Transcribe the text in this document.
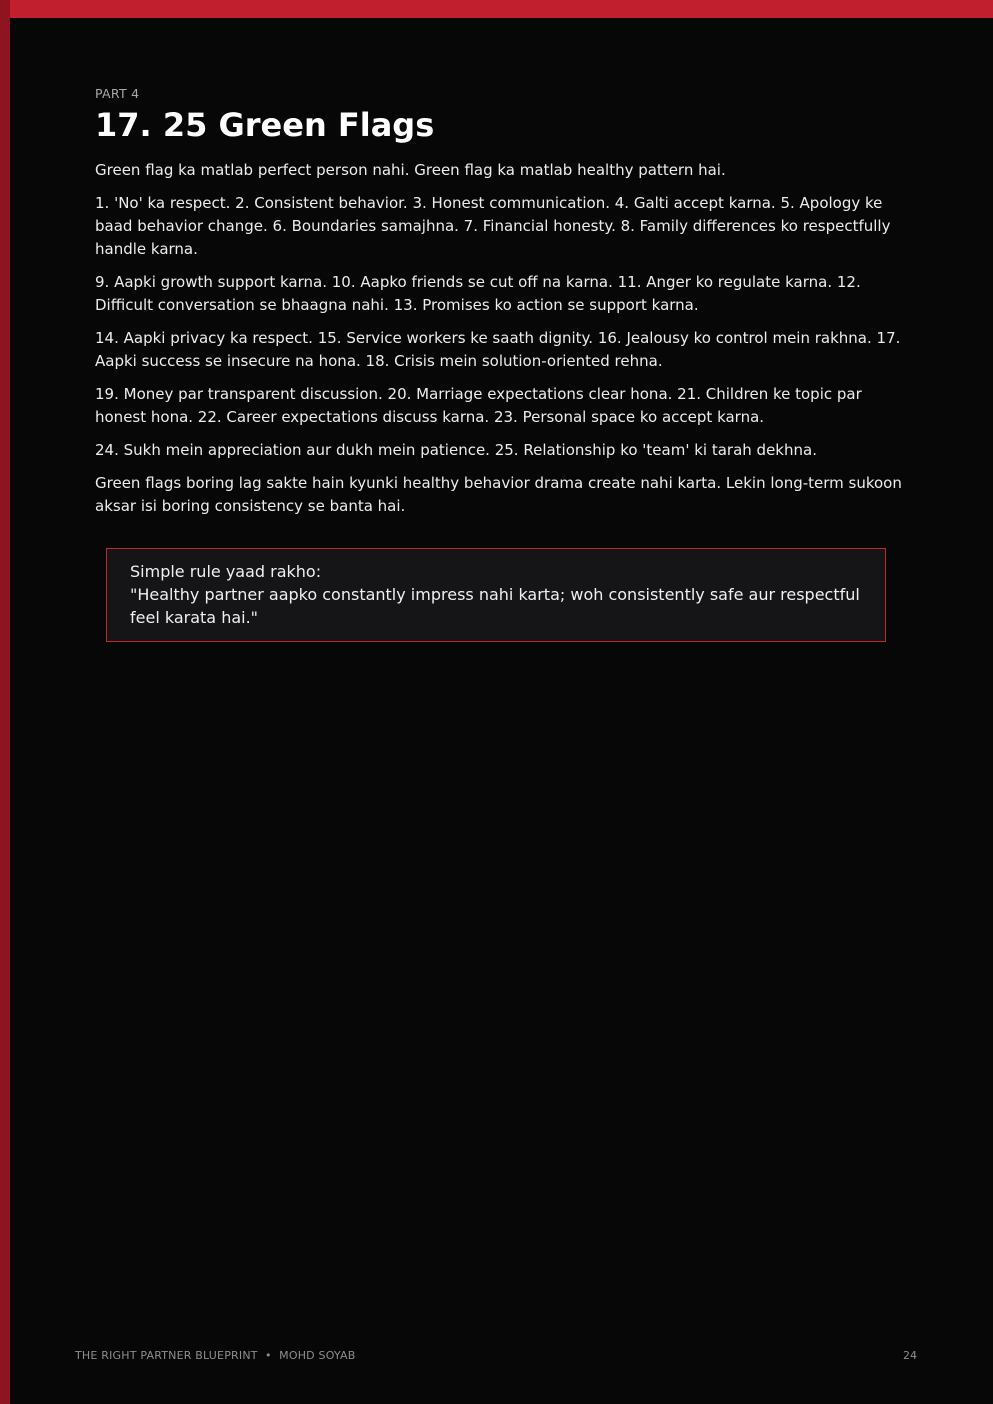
PART 4

17. 25 Green Flags

Green flag ka matlab perfect person nahi. Green flag ka matlab healthy pattern hai.

1. 'No' ka respect. 2. Consistent behavior. 3. Honest communication. 4. Galti accept karna. 5. Apology ke baad behavior change. 6. Boundaries samajhna. 7. Financial honesty. 8. Family differences ko respectfully handle karna.

9. Aapki growth support karna. 10. Aapko friends se cut off na karna. 11. Anger ko regulate karna. 12. Difficult conversation se bhaagna nahi. 13. Promises ko action se support karna.

14. Aapki privacy ka respect. 15. Service workers ke saath dignity. 16. Jealousy ko control mein rakhna. 17. Aapki success se insecure na hona. 18. Crisis mein solution-oriented rehna.

19. Money par transparent discussion. 20. Marriage expectations clear hona. 21. Children ke topic par honest hona. 22. Career expectations discuss karna. 23. Personal space ko accept karna.

24. Sukh mein appreciation aur dukh mein patience. 25. Relationship ko 'team' ki tarah dekhna.

Green flags boring lag sakte hain kyunki healthy behavior drama create nahi karta. Lekin long-term sukoon aksar isi boring consistency se banta hai.

Simple rule yaad rakho:
"Healthy partner aapko constantly impress nahi karta; woh consistently safe aur respectful feel karata hai."
THE RIGHT PARTNER BLUEPRINT  •  MOHD SOYAB	24
